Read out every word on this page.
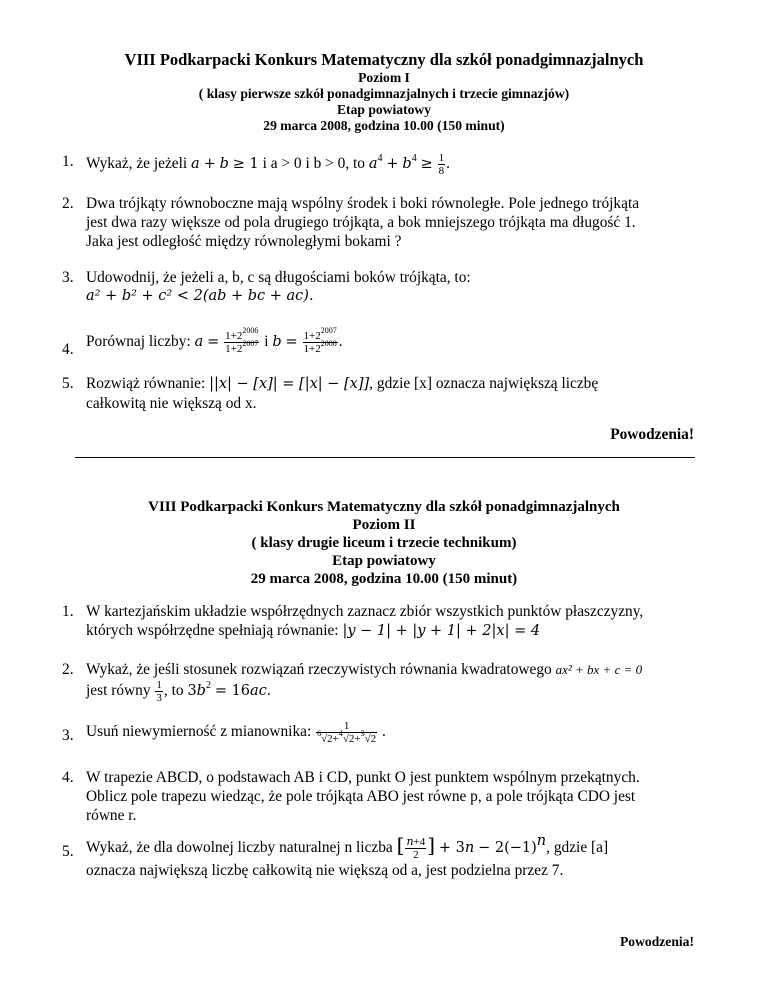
VIII Podkarpacki Konkurs Matematyczny dla szkół ponadgimnazjalnych
Poziom I
( klasy pierwsze szkół ponadgimnazjalnych i trzecie gimnazjów)
Etap powiatowy
29 marca 2008, godzina 10.00 (150 minut)
1. Wykaż, że jeżeli a + b ≥ 1 i a > 0 i b > 0, to $a^4 + b^4 \ge \frac{1}{8}$ .
2. Dwa trójkąty równoboczne mają wspólny środek i boki równoległe. Pole jednego trójkąta
jest dwa razy większe od pola drugiego trójkąta, a bok mniejszego trójkąta ma długość 1.
Jaka jest odległość między równoległymi bokami ?
3. Udowodnij, że jeżeli a, b, c są długościami boków trójkąta, to:
a² + b² + c² < 2(ab + bc + ac).
4. Porównaj liczby: $a = \frac{1+2^{2006}}{1+2^{2007}}$ i $b = \frac{1+2^{2007}}{1+2^{2008}}$ .
5. Rozwiąż równanie: ||x| − [x]| = [|x| − [x]], gdzie [x] oznacza największą liczbę
całkowitą nie większą od x.
Powodzenia!
VIII Podkarpacki Konkurs Matematyczny dla szkół ponadgimnazjalnych
Poziom II
( klasy drugie liceum i trzecie technikum)
Etap powiatowy
29 marca 2008, godzina 10.00 (150 minut)
1. W kartezjańskim układzie współrzędnych zaznacz zbiór wszystkich punktów płaszczyzny,
których współrzędne spełniają równanie: |y − 1| + |y + 1| + 2|x| = 4
2. Wykaż, że jeśli stosunek rozwiązań rzeczywistych równania kwadratowego ax² + bx + c = 0
jest równy $\frac{1}{3}$ , to $3b^2 = 16ac$.
3. Usuń niewymierność z mianownika: $\frac{1}{^6√2+^4√2+^3√2}$ .
4. W trapezie ABCD, o podstawach AB i CD, punkt O jest punktem wspólnym przekątnych.
Oblicz pole trapezu wiedząc, że pole trójkąta ABO jest równe p, a pole trójkąta CDO jest
równe r.
5. Wykaż, że dla dowolnej liczby naturalnej n liczba [ $\frac{n+4}{2}$ ] + $3n - 2(-1)^n$, gdzie [a]
oznacza największą liczbę całkowitą nie większą od a, jest podzielna przez 7.
Powodzenia!
